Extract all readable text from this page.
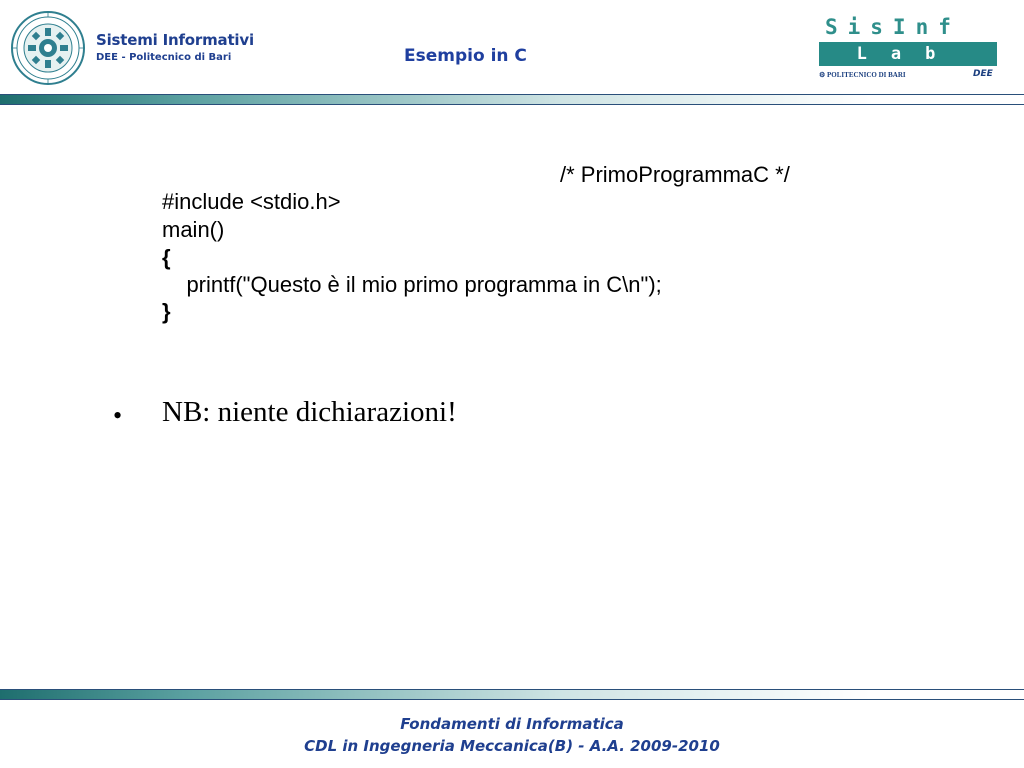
Sistemi Informativi
DEE - Politecnico di Bari	Esempio in C
SisInf
Lab
⚙ POLITECNICO DI BARI	DEE
/* PrimoProgrammaC */
#include <stdio.h>
main()
{
printf("Questo è il mio primo programma in C\n");
}
• NB: niente dichiarazioni!
Fondamenti di Informatica
CDL in Ingegneria Meccanica(B) - A.A. 2009-2010
